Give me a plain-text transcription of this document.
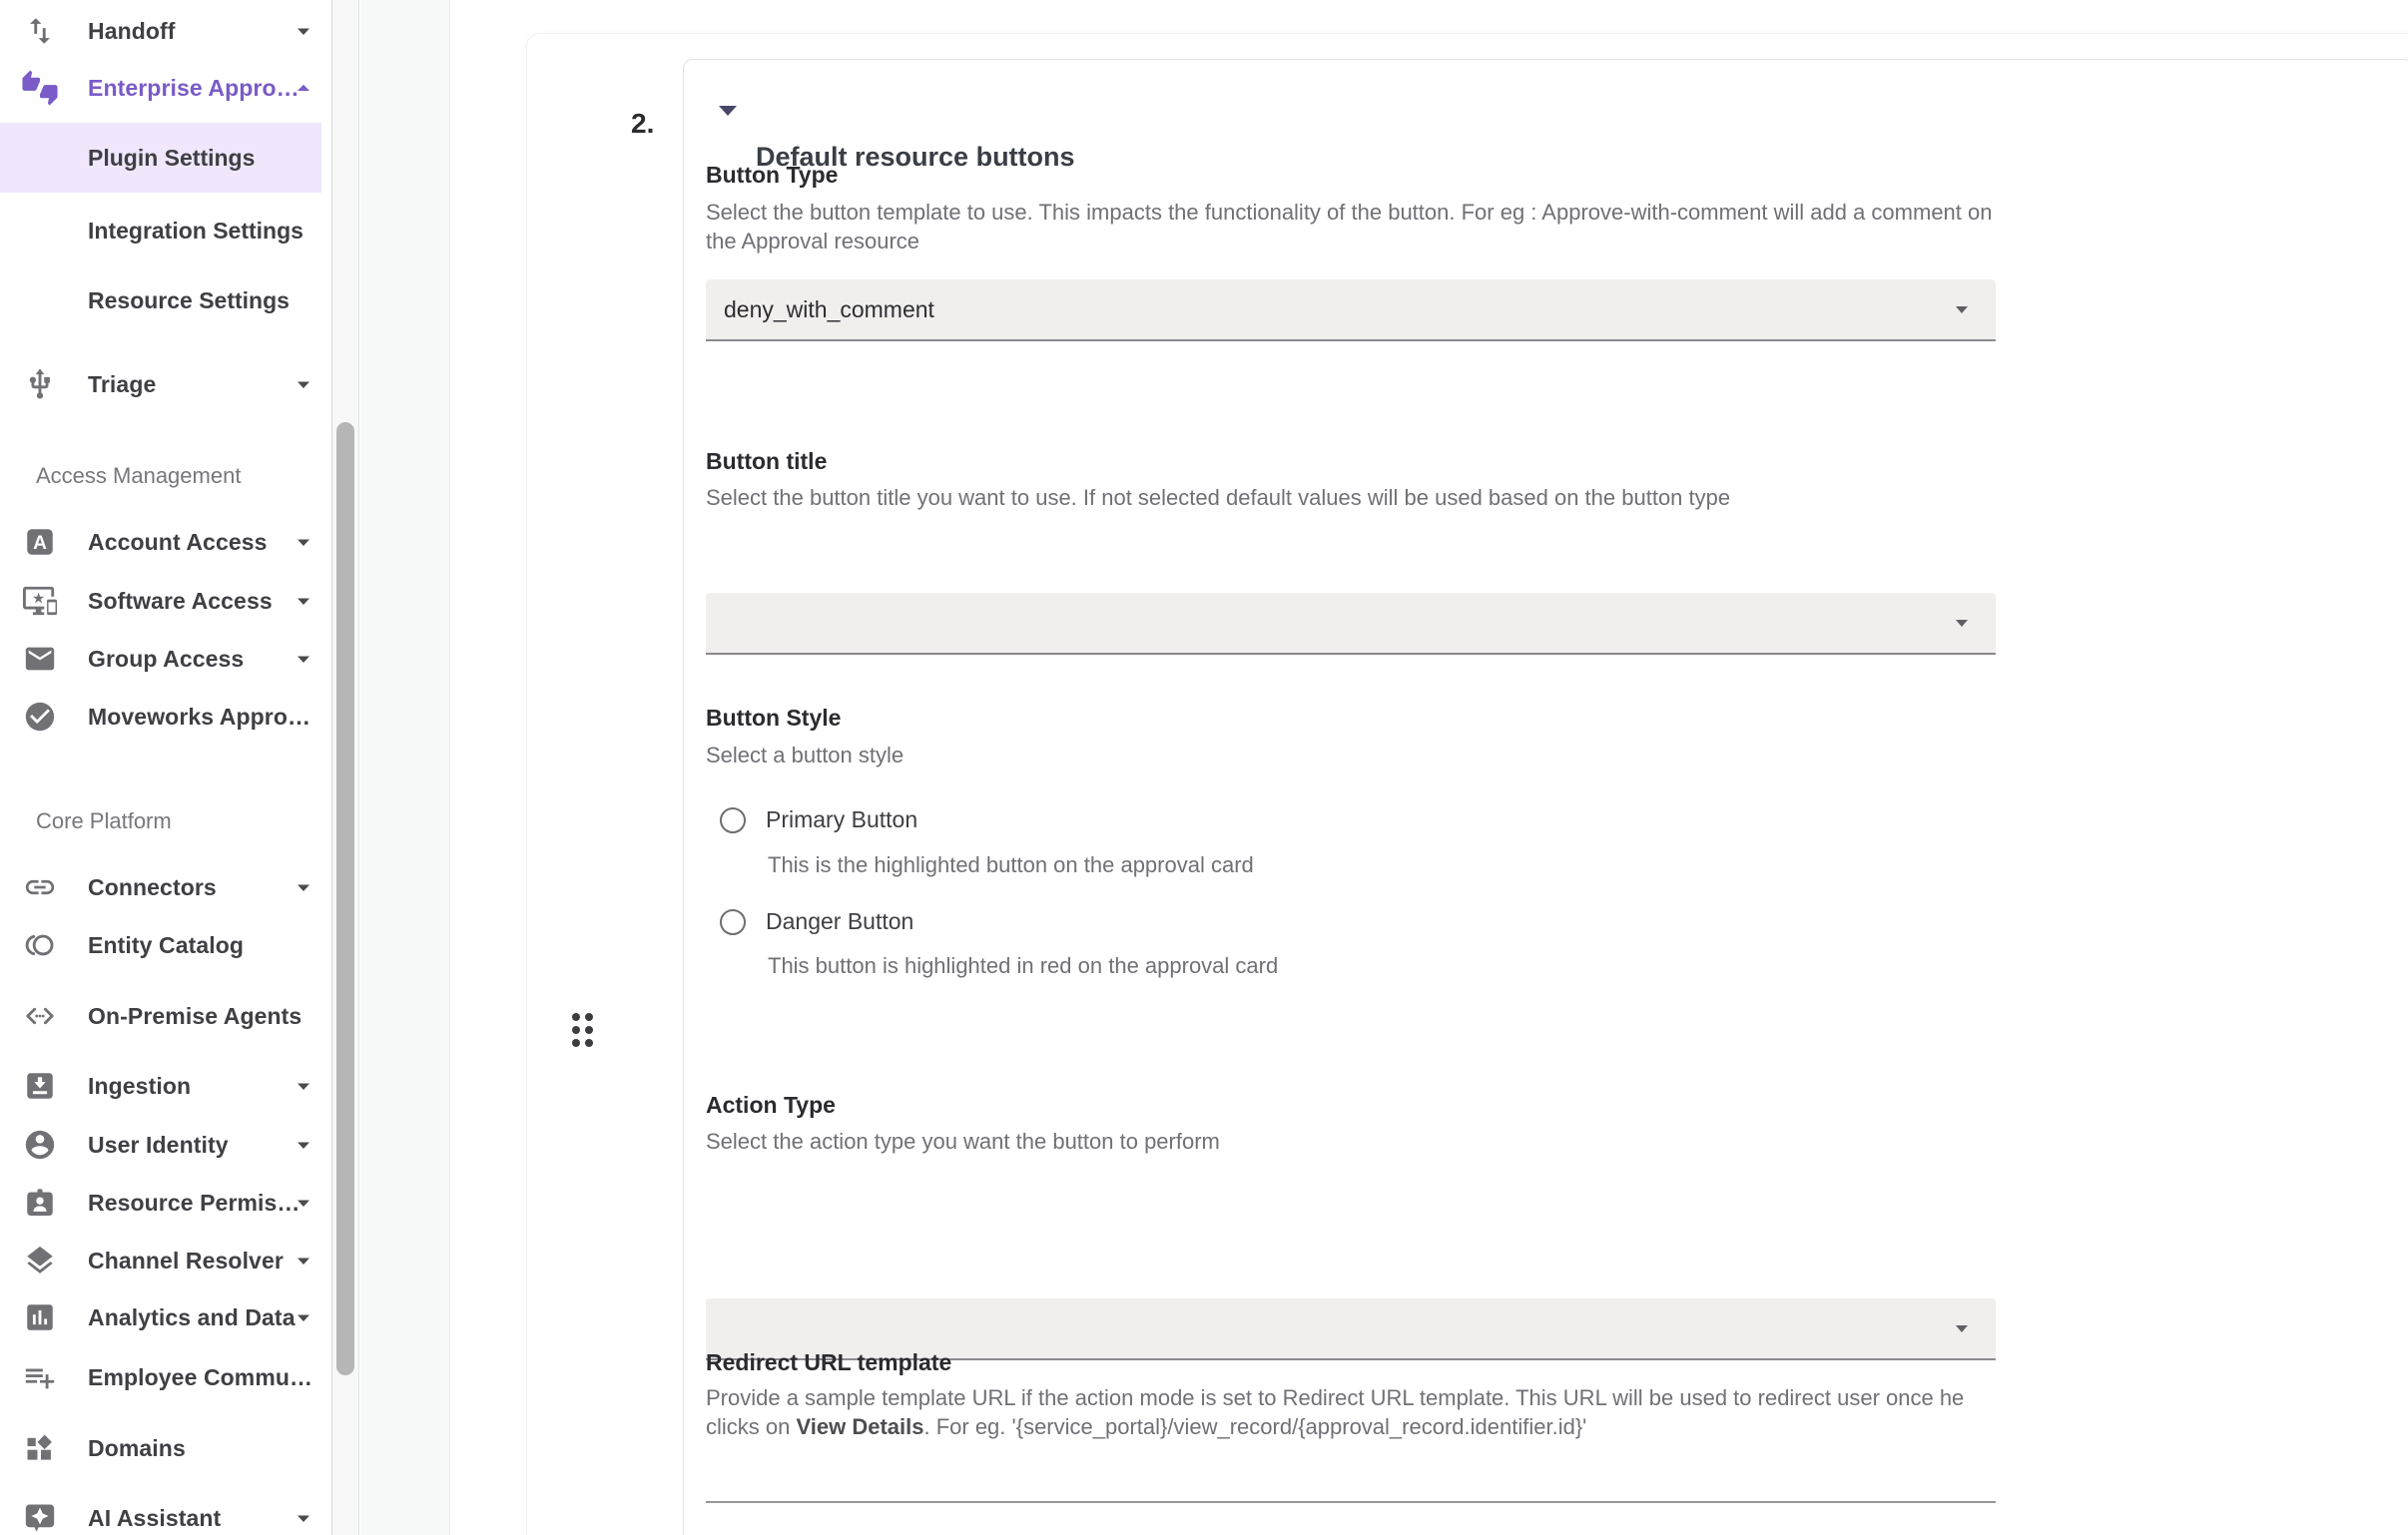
Handoff
Enterprise Appro…
Plugin Settings
Integration Settings
Resource Settings
Triage
Access Management
A Account Access
Software Access
Group Access
Moveworks Appro…
Core Platform
Connectors
Entity Catalog
On-Premise Agents
Ingestion
User Identity
Resource Permis…
Channel Resolver
Analytics and Data
Employee Commu…
Domains
AI Assistant
2.
Default resource buttons
Button Type
Select the button template to use. This impacts the functionality of the button. For eg : Approve-with-comment will add a comment on the Approval resource
deny_with_comment
Button title
Select the button title you want to use. If not selected default values will be used based on the button type
Button Style
Select a button style
Primary Button
This is the highlighted button on the approval card
Danger Button
This button is highlighted in red on the approval card
Action Type
Select the action type you want the button to perform
Redirect URL template
Provide a sample template URL if the action mode is set to Redirect URL template. This URL will be used to redirect user once he clicks on View Details. For eg. '{service_portal}/view_record/{approval_record.identifier.id}'
